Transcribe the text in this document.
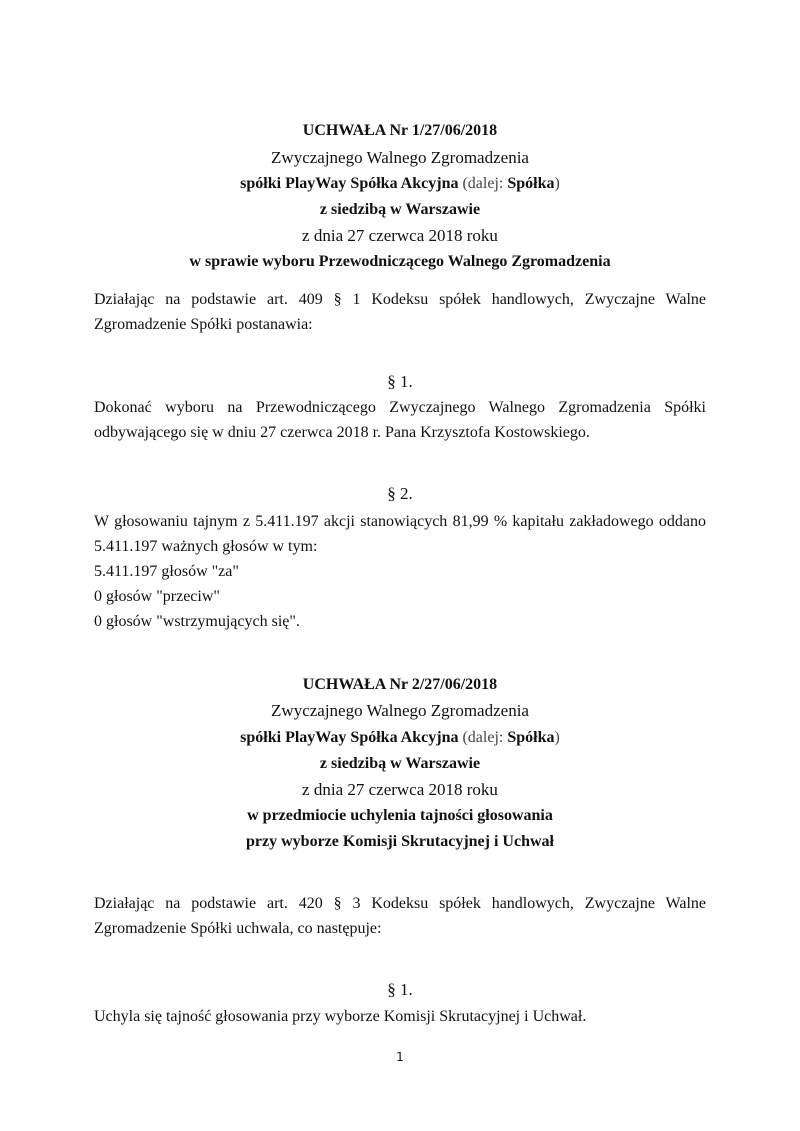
UCHWAŁA Nr 1/27/06/2018
Zwyczajnego Walnego Zgromadzenia
spółki PlayWay Spółka Akcyjna (dalej: Spółka)
z siedzibą w Warszawie
z dnia 27 czerwca 2018 roku
w sprawie wyboru Przewodniczącego Walnego Zgromadzenia
Działając na podstawie art. 409 § 1 Kodeksu spółek handlowych, Zwyczajne Walne
Zgromadzenie Spółki postanawia:
§ 1.
Dokonać wyboru na Przewodniczącego Zwyczajnego Walnego Zgromadzenia Spółki
odbywającego się w dniu 27 czerwca 2018 r. Pana Krzysztofa Kostowskiego.
§ 2.
W głosowaniu tajnym z 5.411.197 akcji stanowiących 81,99 % kapitału zakładowego oddano
5.411.197 ważnych głosów w tym:
5.411.197 głosów "za"
0 głosów "przeciw"
0 głosów "wstrzymujących się".
UCHWAŁA Nr 2/27/06/2018
Zwyczajnego Walnego Zgromadzenia
spółki PlayWay Spółka Akcyjna (dalej: Spółka)
z siedzibą w Warszawie
z dnia 27 czerwca 2018 roku
w przedmiocie uchylenia tajności głosowania
przy wyborze Komisji Skrutacyjnej i Uchwał
Działając na podstawie art. 420 § 3 Kodeksu spółek handlowych, Zwyczajne Walne
Zgromadzenie Spółki uchwala, co następuje:
§ 1.
Uchyla się tajność głosowania przy wyborze Komisji Skrutacyjnej i Uchwał.
1
